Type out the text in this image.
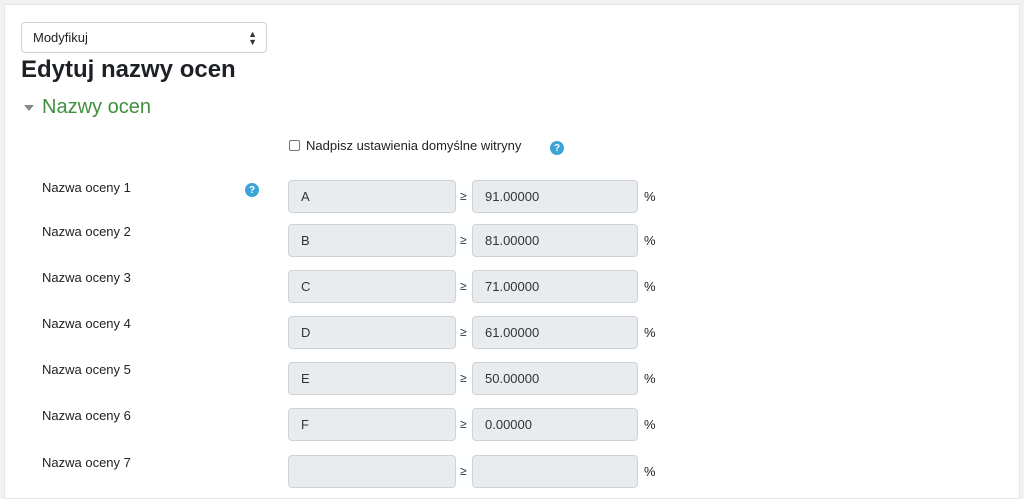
Modyfikuj	▲
▼
Edytuj nazwy ocen
Nazwy ocen
Nadpisz ustawienia domyślne witryny	?
?
Nazwa oceny 1
A	≥	91.00000	%
Nazwa oceny 2
B	≥	81.00000	%
Nazwa oceny 3
C	≥	71.00000	%
Nazwa oceny 4
D	≥	61.00000	%
Nazwa oceny 5
E	≥	50.00000	%
Nazwa oceny 6
F	≥	0.00000	%
Nazwa oceny 7
≥	%
